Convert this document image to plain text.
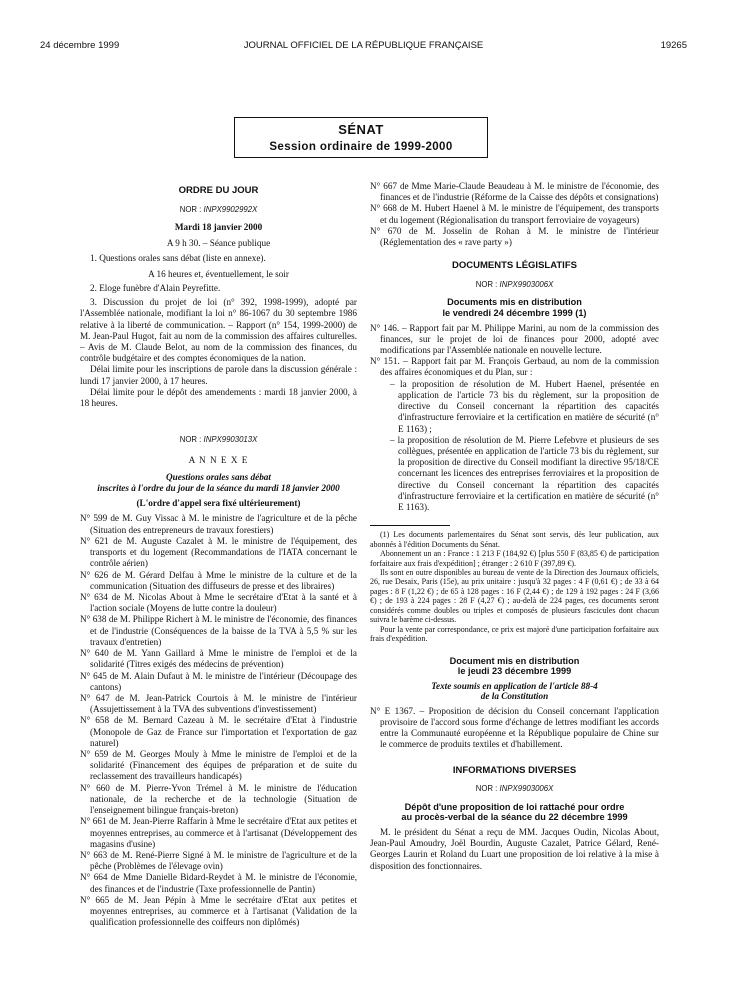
24 décembre 1999	JOURNAL OFFICIEL DE LA RÉPUBLIQUE FRANÇAISE	19265
SÉNAT
Session ordinaire de 1999-2000
ORDRE DU JOUR
NOR : INPX9902992X
Mardi 18 janvier 2000
A 9 h 30. – Séance publique

1. Questions orales sans débat (liste en annexe).

A 16 heures et, éventuellement, le soir

2. Eloge funèbre d'Alain Peyrefitte.

3. Discussion du projet de loi (n° 392, 1998-1999), adopté par l'Assemblée nationale, modifiant la loi n° 86-1067 du 30 septembre 1986 relative à la liberté de communication. – Rapport (n° 154, 1999-2000) de M. Jean-Paul Hugot, fait au nom de la commission des affaires culturelles. – Avis de M. Claude Belot, au nom de la commission des finances, du contrôle budgétaire et des comptes économiques de la nation.

Délai limite pour les inscriptions de parole dans la discussion générale : lundi 17 janvier 2000, à 17 heures.

Délai limite pour le dépôt des amendements : mardi 18 janvier 2000, à 18 heures.

NOR : INPX9903013X
A N N E X E
Questions orales sans débat
inscrites à l'ordre du jour de la séance du mardi 18 janvier 2000
(L'ordre d'appel sera fixé ultérieurement)

N° 599 de M. Guy Vissac à M. le ministre de l'agriculture et de la pêche (Situation des entrepreneurs de travaux forestiers)

N° 621 de M. Auguste Cazalet à M. le ministre de l'équipement, des transports et du logement (Recommandations de l'IATA concernant le contrôle aérien)

N° 626 de M. Gérard Delfau à Mme le ministre de la culture et de la communication (Situation des diffuseurs de presse et des libraires)

N° 634 de M. Nicolas About à Mme le secrétaire d'Etat à la santé et à l'action sociale (Moyens de lutte contre la douleur)

N° 638 de M. Philippe Richert à M. le ministre de l'économie, des finances et de l'industrie (Conséquences de la baisse de la TVA à 5,5 % sur les travaux d'entretien)

N° 640 de M. Yann Gaillard à Mme le ministre de l'emploi et de la solidarité (Titres exigés des médecins de prévention)

N° 645 de M. Alain Dufaut à M. le ministre de l'intérieur (Découpage des cantons)

N° 647 de M. Jean-Patrick Courtois à M. le ministre de l'intérieur (Assujettissement à la TVA des subventions d'investissement)

N° 658 de M. Bernard Cazeau à M. le secrétaire d'Etat à l'industrie (Monopole de Gaz de France sur l'importation et l'exportation de gaz naturel)

N° 659 de M. Georges Mouly à Mme le ministre de l'emploi et de la solidarité (Financement des équipes de préparation et de suite du reclassement des travailleurs handicapés)

N° 660 de M. Pierre-Yvon Trémel à M. le ministre de l'éducation nationale, de la recherche et de la technologie (Situation de l'enseignement bilingue français-breton)

N° 661 de M. Jean-Pierre Raffarin à Mme le secrétaire d'Etat aux petites et moyennes entreprises, au commerce et à l'artisanat (Développement des magasins d'usine)

N° 663 de M. René-Pierre Signé à M. le ministre de l'agriculture et de la pêche (Problèmes de l'élevage ovin)

N° 664 de Mme Danielle Bidard-Reydet à M. le ministre de l'économie, des finances et de l'industrie (Taxe professionnelle de Pantin)

N° 665 de M. Jean Pépin à Mme le secrétaire d'Etat aux petites et moyennes entreprises, au commerce et à l'artisanat (Validation de la qualification professionnelle des coiffeurs non diplômés)

N° 667 de Mme Marie-Claude Beaudeau à M. le ministre de l'économie, des finances et de l'industrie (Réforme de la Caisse des dépôts et consignations)

N° 668 de M. Hubert Haenel à M. le ministre de l'équipement, des transports et du logement (Régionalisation du transport ferroviaire de voyageurs)

N° 670 de M. Josselin de Rohan à M. le ministre de l'intérieur (Réglementation des « rave party »)

DOCUMENTS LÉGISLATIFS
NOR : INPX9903006X
Documents mis en distribution
le vendredi 24 décembre 1999 (1)

N° 146. – Rapport fait par M. Philippe Marini, au nom de la commission des finances, sur le projet de loi de finances pour 2000, adopté avec modifications par l'Assemblée nationale en nouvelle lecture.

N° 151. – Rapport fait par M. François Gerbaud, au nom de la commission des affaires économiques et du Plan, sur :

– la proposition de résolution de M. Hubert Haenel, présentée en application de l'article 73 bis du règlement, sur la proposition de directive du Conseil concernant la répartition des capacités d'infrastructure ferroviaire et la certification en matière de sécurité (n° E 1163) ;

– la proposition de résolution de M. Pierre Lefebvre et plusieurs de ses collègues, présentée en application de l'article 73 bis du règlement, sur la proposition de directive du Conseil modifiant la directive 95/18/CE concernant les licences des entreprises ferroviaires et la proposition de directive du Conseil concernant la répartition des capacités d'infrastructure ferroviaire et la certification en matière de sécurité (n° E 1163).

(1) Les documents parlementaires du Sénat sont servis, dès leur publication, aux abonnés à l'édition Documents du Sénat.

Abonnement un an : France : 1 213 F (184,92 €) [plus 550 F (83,85 €) de participation forfaitaire aux frais d'expédition] ; étranger : 2 610 F (397,89 €).

Ils sont en outre disponibles au bureau de vente de la Direction des Journaux officiels, 26, rue Desaix, Paris (15e), au prix unitaire : jusqu'à 32 pages : 4 F (0,61 €) ; de 33 à 64 pages : 8 F (1,22 €) ; de 65 à 128 pages : 16 F (2,44 €) ; de 129 à 192 pages : 24 F (3,66 €) ; de 193 à 224 pages : 28 F (4,27 €) ; au-delà de 224 pages, ces documents seront considérés comme doubles ou triples et composés de plusieurs fascicules dont chacun suivra le barème ci-dessus.

Pour la vente par correspondance, ce prix est majoré d'une participation forfaitaire aux frais d'expédition.

Document mis en distribution
le jeudi 23 décembre 1999
Texte soumis en application de l'article 88-4
de la Constitution

N° E 1367. – Proposition de décision du Conseil concernant l'application provisoire de l'accord sous forme d'échange de lettres modifiant les accords entre la Communauté européenne et la République populaire de Chine sur le commerce de produits textiles et d'habillement.

INFORMATIONS DIVERSES
NOR : INPX9903006X
Dépôt d'une proposition de loi rattaché pour ordre
au procès-verbal de la séance du 22 décembre 1999

M. le président du Sénat a reçu de MM. Jacques Oudin, Nicolas About, Jean-Paul Amoudry, Joël Bourdin, Auguste Cazalet, Patrice Gélard, René-Georges Laurin et Roland du Luart une proposition de loi relative à la mise à disposition des fonctionnaires.
